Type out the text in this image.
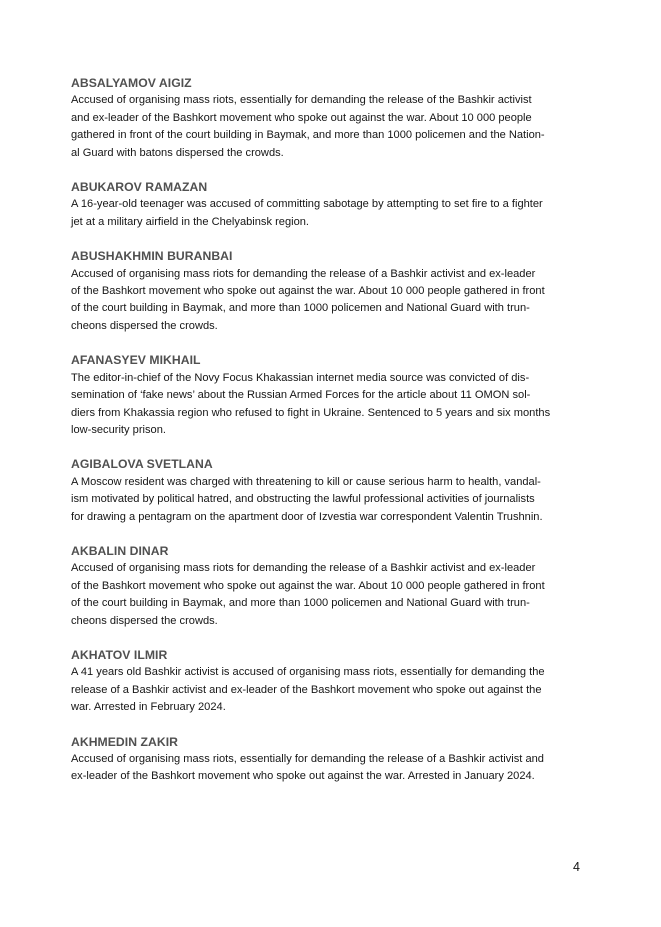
ABSALYAMOV AIGIZ

Accused of organising mass riots, essentially for demanding the release of the Bashkir activist
and ex-leader of the Bashkort movement who spoke out against the war. About 10 000 people
gathered in front of the court building in Baymak, and more than 1000 policemen and the Nation-
al Guard with batons dispersed the crowds.

ABUKAROV RAMAZAN

A 16-year-old teenager was accused of committing sabotage by attempting to set fire to a fighter
jet at a military airfield in the Chelyabinsk region.

ABUSHAKHMIN BURANBAI

Accused of organising mass riots for demanding the release of a Bashkir activist and ex-leader
of the Bashkort movement who spoke out against the war. About 10 000 people gathered in front
of the court building in Baymak, and more than 1000 policemen and National Guard with trun-
cheons dispersed the crowds.

AFANASYEV MIKHAIL

The editor-in-chief of the Novy Focus Khakassian internet media source was convicted of dis-
semination of ‘fake news’ about the Russian Armed Forces for the article about 11 OMON sol-
diers from Khakassia region who refused to fight in Ukraine. Sentenced to 5 years and six months
low-security prison.

AGIBALOVA SVETLANA

A Moscow resident was charged with threatening to kill or cause serious harm to health, vandal-
ism motivated by political hatred, and obstructing the lawful professional activities of journalists
for drawing a pentagram on the apartment door of Izvestia war correspondent Valentin Trushnin.

AKBALIN DINAR

Accused of organising mass riots for demanding the release of a Bashkir activist and ex-leader
of the Bashkort movement who spoke out against the war. About 10 000 people gathered in front
of the court building in Baymak, and more than 1000 policemen and National Guard with trun-
cheons dispersed the crowds.

AKHATOV ILMIR

A 41 years old Bashkir activist is accused of organising mass riots, essentially for demanding the
release of a Bashkir activist and ex-leader of the Bashkort movement who spoke out against the
war. Arrested in February 2024.

AKHMEDIN ZAKIR

Accused of organising mass riots, essentially for demanding the release of a Bashkir activist and
ex-leader of the Bashkort movement who spoke out against the war. Arrested in January 2024.

4
